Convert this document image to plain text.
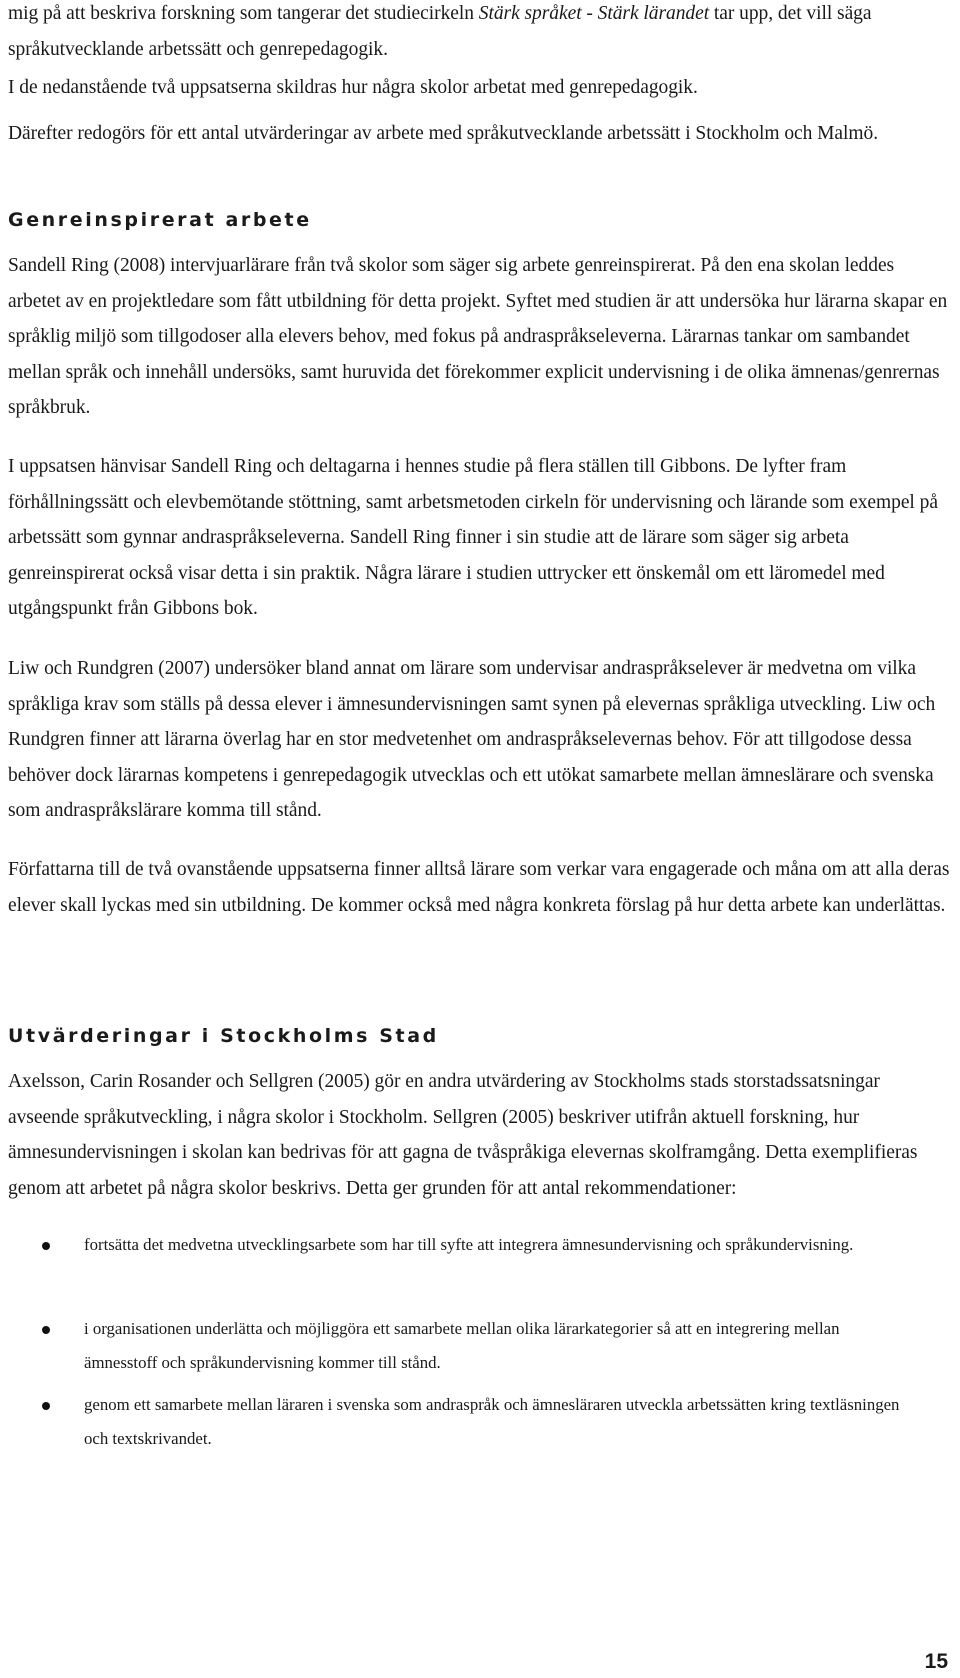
mig på att beskriva forskning som tangerar det studiecirkeln Stärk språket - Stärk lärandet tar upp, det vill säga språkutvecklande arbetssätt och genrepedagogik.

I de nedanstående två uppsatserna skildras hur några skolor arbetat med genrepedagogik.

Därefter redogörs för ett antal utvärderingar av arbete med språkutvecklande arbetssätt i Stockholm och Malmö.

Genreinspirerat arbete

Sandell Ring (2008) intervjuarlärare från två skolor som säger sig arbete genreinspirerat. På den ena skolan leddes arbetet av en projektledare som fått utbildning för detta projekt. Syftet med studien är att undersöka hur lärarna skapar en språklig miljö som tillgodoser alla elevers behov, med fokus på andraspråkseleverna. Lärarnas tankar om sambandet mellan språk och innehåll undersöks, samt huruvida det förekommer explicit undervisning i de olika ämnenas/genrernas språkbruk.

I uppsatsen hänvisar Sandell Ring och deltagarna i hennes studie på flera ställen till Gibbons. De lyfter fram förhållningssätt och elevbemötande stöttning, samt arbetsmetoden cirkeln för undervisning och lärande som exempel på arbetssätt som gynnar andraspråkseleverna. Sandell Ring finner i sin studie att de lärare som säger sig arbeta genreinspirerat också visar detta i sin praktik. Några lärare i studien uttrycker ett önskemål om ett läromedel med utgångspunkt från Gibbons bok.

Liw och Rundgren (2007) undersöker bland annat om lärare som undervisar andraspråkselever är medvetna om vilka språkliga krav som ställs på dessa elever i ämnesundervisningen samt synen på elevernas språkliga utveckling. Liw och Rundgren finner att lärarna överlag har en stor medvetenhet om andraspråkselevernas behov. För att tillgodose dessa behöver dock lärarnas kompetens i genrepedagogik utvecklas och ett utökat samarbete mellan ämneslärare och svenska som andraspråkslärare komma till stånd.

Författarna till de två ovanstående uppsatserna finner alltså lärare som verkar vara engagerade och måna om att alla deras elever skall lyckas med sin utbildning. De kommer också med några konkreta förslag på hur detta arbete kan underlättas.

Utvärderingar i Stockholms Stad

Axelsson, Carin Rosander och Sellgren (2005) gör en andra utvärdering av Stockholms stads storstadssatsningar avseende språkutveckling, i några skolor i Stockholm. Sellgren (2005) beskriver utifrån aktuell forskning, hur ämnesundervisningen i skolan kan bedrivas för att gagna de tvåspråkiga elevernas skolframgång. Detta exemplifieras genom att arbetet på några skolor beskrivs. Detta ger grunden för att antal rekommendationer:

fortsätta det medvetna utvecklingsarbete som har till syfte att integrera ämnesundervisning och språkundervisning.

i organisationen underlätta och möjliggöra ett samarbete mellan olika lärarkategorier så att en integrering mellan ämnesstoff och språkundervisning kommer till stånd.

genom ett samarbete mellan läraren i svenska som andraspråk och ämnesläraren utveckla arbetssätten kring textläsningen och textskrivandet.

15
